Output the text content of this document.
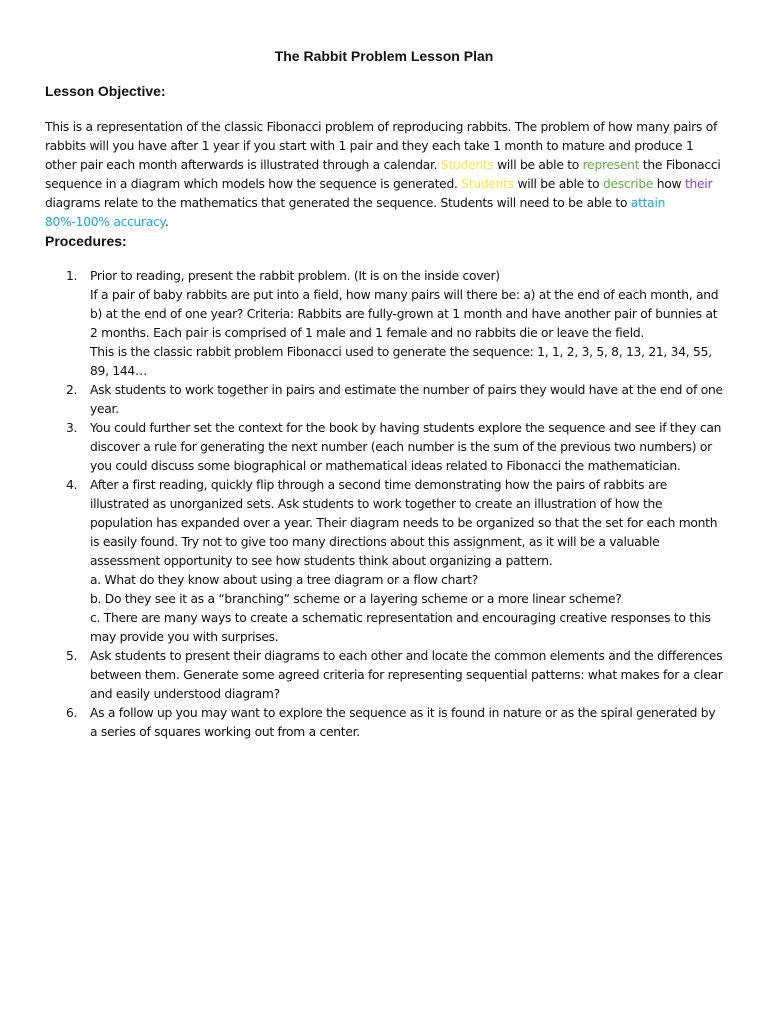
The Rabbit Problem Lesson Plan
Lesson Objective:

This is a representation of the classic Fibonacci problem of reproducing rabbits. The problem of how many pairs of rabbits will you have after 1 year if you start with 1 pair and they each take 1 month to mature and produce 1 other pair each month afterwards is illustrated through a calendar. Students will be able to represent the Fibonacci sequence in a diagram which models how the sequence is generated. Students will be able to describe how their diagrams relate to the mathematics that generated the sequence. Students will need to be able to attain 80%-100% accuracy.

Procedures:
1. Prior to reading, present the rabbit problem. (It is on the inside cover)
If a pair of baby rabbits are put into a field, how many pairs will there be: a) at the end of each month, and b) at the end of one year? Criteria: Rabbits are fully-grown at 1 month and have another pair of bunnies at 2 months. Each pair is comprised of 1 male and 1 female and no rabbits die or leave the field.
This is the classic rabbit problem Fibonacci used to generate the sequence: 1, 1, 2, 3, 5, 8, 13, 21, 34, 55, 89, 144…
2. Ask students to work together in pairs and estimate the number of pairs they would have at the end of one year.
3. You could further set the context for the book by having students explore the sequence and see if they can discover a rule for generating the next number (each number is the sum of the previous two numbers) or you could discuss some biographical or mathematical ideas related to Fibonacci the mathematician.
4. After a first reading, quickly flip through a second time demonstrating how the pairs of rabbits are illustrated as unorganized sets. Ask students to work together to create an illustration of how the population has expanded over a year. Their diagram needs to be organized so that the set for each month is easily found. Try not to give too many directions about this assignment, as it will be a valuable assessment opportunity to see how students think about organizing a pattern.
a. What do they know about using a tree diagram or a flow chart?
b. Do they see it as a “branching” scheme or a layering scheme or a more linear scheme?
c. There are many ways to create a schematic representation and encouraging creative responses to this may provide you with surprises.
5. Ask students to present their diagrams to each other and locate the common elements and the differences between them. Generate some agreed criteria for representing sequential patterns: what makes for a clear and easily understood diagram?
6. As a follow up you may want to explore the sequence as it is found in nature or as the spiral generated by a series of squares working out from a center.
